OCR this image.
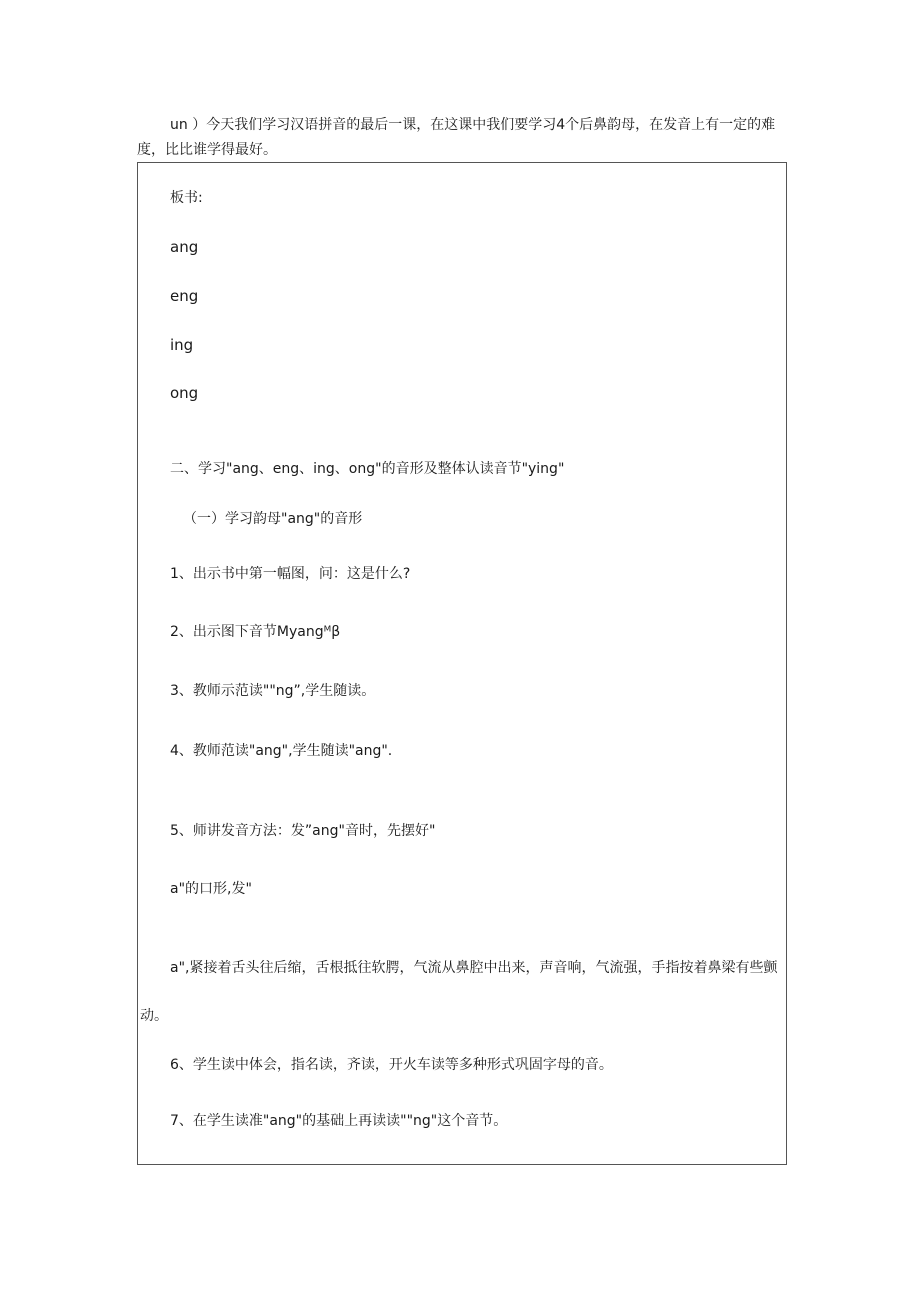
un ）今天我们学习汉语拼音的最后一课，在这课中我们要学习4个后鼻韵母，在发音上有一定的难
度，比比谁学得最好。
板书:
ang
eng
ing
ong
二、学习"ang、eng、ing、ong"的音形及整体认读音节"ying"
（一）学习韵母"ang"的音形
1、出示书中第一幅图，问：这是什么?
2、出示图下音节Myangᴹβ
3、教师示范读""ng”,学生随读。
4、教师范读"ang",学生随读"ang".
5、师讲发音方法：发”ang"音时，先摆好"
a"的口形,发"
a",紧接着舌头往后缩，舌根抵往软腭，气流从鼻腔中出来，声音响，气流强，手指按着鼻梁有些颤
动。
6、学生读中体会，指名读，齐读，开火车读等多种形式巩固字母的音。
7、在学生读准"ang"的基础上再读读""ng"这个音节。
